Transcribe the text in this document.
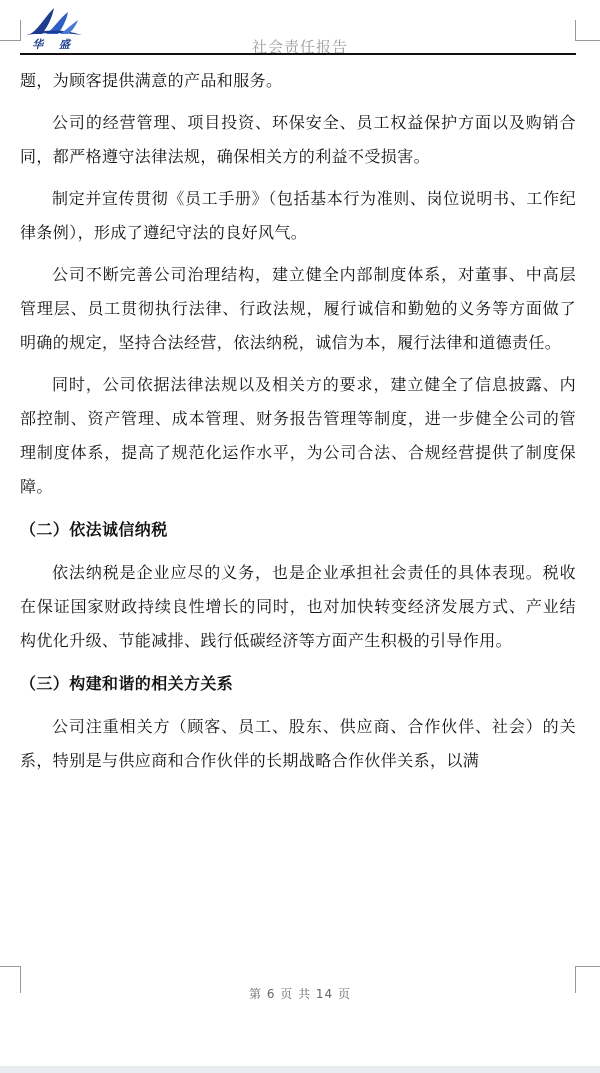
华 盛	社会责任报告

题，为顾客提供满意的产品和服务。

公司的经营管理、项目投资、环保安全、员工权益保护方面以及购销合同，都严格遵守法律法规，确保相关方的利益不受损害。

制定并宣传贯彻《员工手册》（包括基本行为准则、岗位说明书、工作纪律条例），形成了遵纪守法的良好风气。

公司不断完善公司治理结构，建立健全内部制度体系，对董事、中高层管理层、员工贯彻执行法律、行政法规，履行诚信和勤勉的义务等方面做了明确的规定，坚持合法经营，依法纳税，诚信为本，履行法律和道德责任。

同时，公司依据法律法规以及相关方的要求，建立健全了信息披露、内部控制、资产管理、成本管理、财务报告管理等制度，进一步健全公司的管理制度体系，提高了规范化运作水平，为公司合法、合规经营提供了制度保障。

（二）依法诚信纳税

依法纳税是企业应尽的义务，也是企业承担社会责任的具体表现。税收在保证国家财政持续良性增长的同时，也对加快转变经济发展方式、产业结构优化升级、节能减排、践行低碳经济等方面产生积极的引导作用。

（三）构建和谐的相关方关系

公司注重相关方（顾客、员工、股东、供应商、合作伙伴、社会）的关系，特别是与供应商和合作伙伴的长期战略合作伙伴关系，以满

第 6 页 共 14 页
